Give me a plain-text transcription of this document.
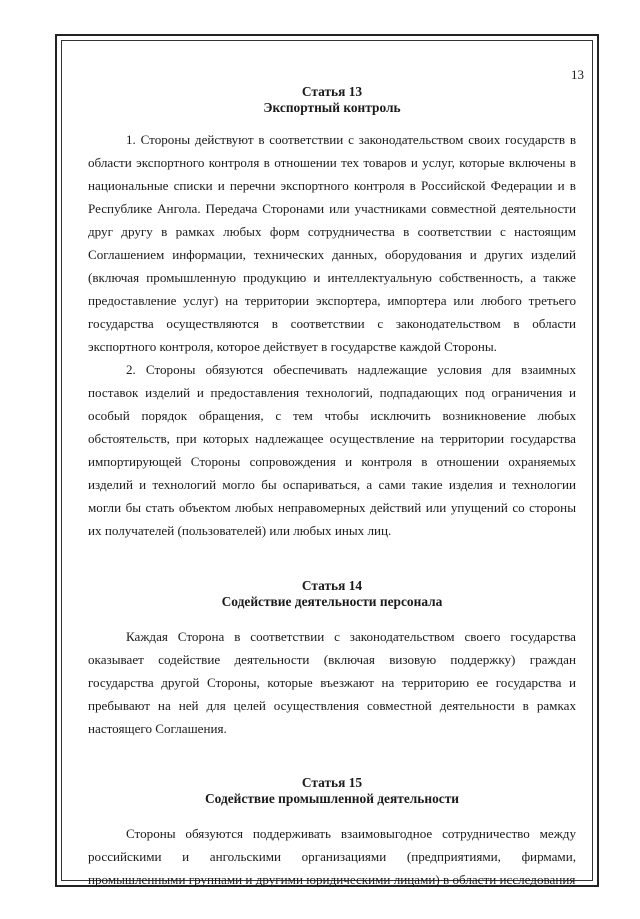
13
Статья 13
Экспортный контроль

1. Стороны действуют в соответствии с законодательством своих государств в области экспортного контроля в отношении тех товаров и услуг, которые включены в национальные списки и перечни экспортного контроля в Российской Федерации и в Республике Ангола. Передача Сторонами или участниками совместной деятельности друг другу в рамках любых форм сотрудничества в соответствии с настоящим Соглашением информации, технических данных, оборудования и других изделий (включая промышленную продукцию и интеллектуальную собственность, а также предоставление услуг) на территории экспортера, импортера или любого третьего государства осуществляются в соответствии с законодательством в области экспортного контроля, которое действует в государстве каждой Стороны.

2. Стороны обязуются обеспечивать надлежащие условия для взаимных поставок изделий и предоставления технологий, подпадающих под ограничения и особый порядок обращения, с тем чтобы исключить возникновение любых обстоятельств, при которых надлежащее осуществление на территории государства импортирующей Стороны сопровождения и контроля в отношении охраняемых изделий и технологий могло бы оспариваться, а сами такие изделия и технологии могли бы стать объектом любых неправомерных действий или упущений со стороны их получателей (пользователей) или любых иных лиц.

Статья 14
Содействие деятельности персонала

Каждая Сторона в соответствии с законодательством своего государства оказывает содействие деятельности (включая визовую поддержку) граждан государства другой Стороны, которые въезжают на территорию ее государства и пребывают на ней для целей осуществления совместной деятельности в рамках настоящего Соглашения.

Статья 15
Содействие промышленной деятельности

Стороны обязуются поддерживать взаимовыгодное сотрудничество между российскими и ангольскими организациями (предприятиями, фирмами, промышленными группами и другими юридическими лицами) в области исследования
